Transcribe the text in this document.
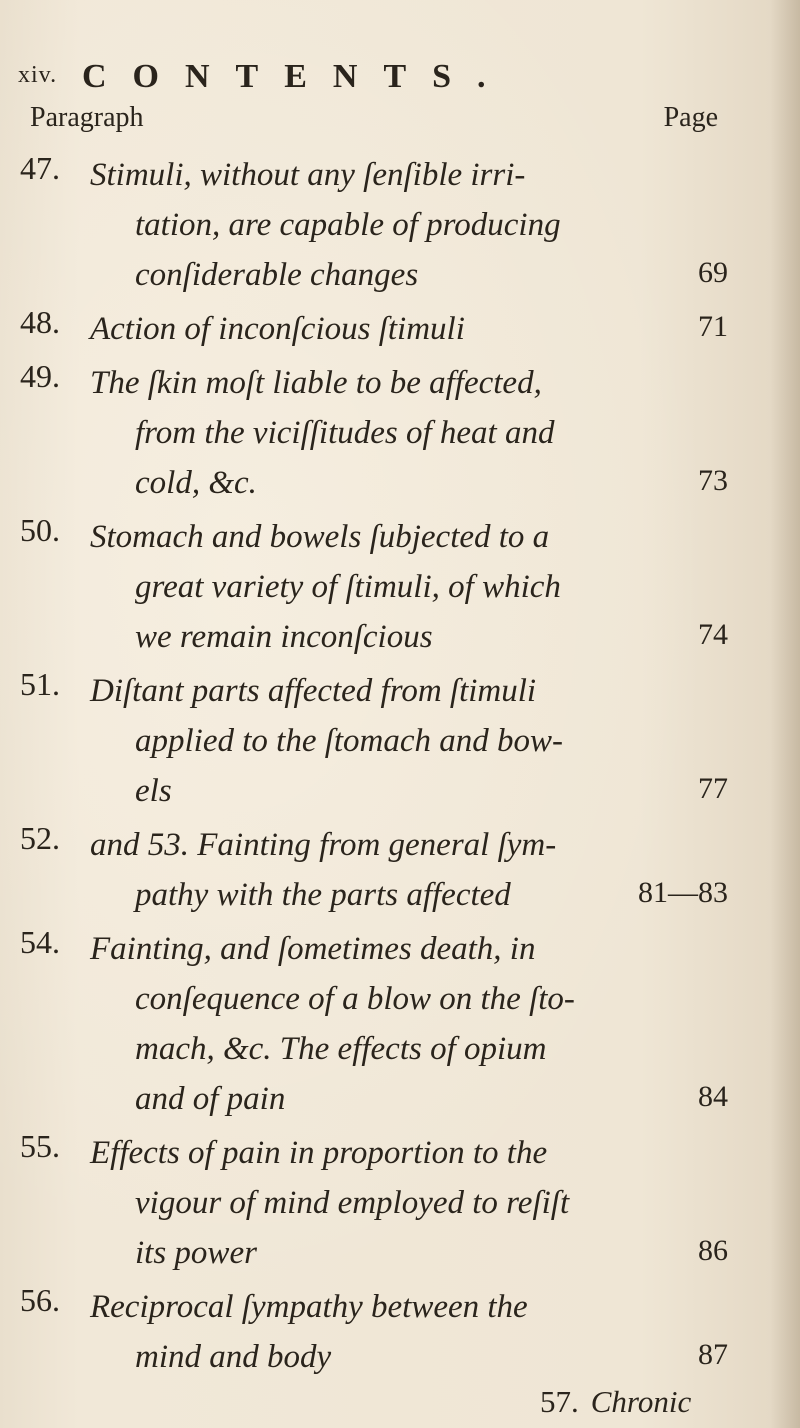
xiv. CONTENTS.
Paragraph	Page
47. Stimuli, without any ſenſible irri-
tation, are capable of producing
conſiderable changes	69
48. Action of inconſcious ſtimuli	71
49. The ſkin moſt liable to be affected,
from the viciſſitudes of heat and
cold, &c.	73
50. Stomach and bowels ſubjected to a
great variety of ſtimuli, of which
we remain inconſcious	74
51. Diſtant parts affected from ſtimuli
applied to the ſtomach and bow-
els	77
52. and 53. Fainting from general ſym-
pathy with the parts affected	81—83
54. Fainting, and ſometimes death, in
conſequence of a blow on the ſto-
mach, &c. The effects of opium
and of pain	84
55. Effects of pain in proportion to the
vigour of mind employed to reſiſt
its power	86
56. Reciprocal ſympathy between the
mind and body	87
57. Chronic
